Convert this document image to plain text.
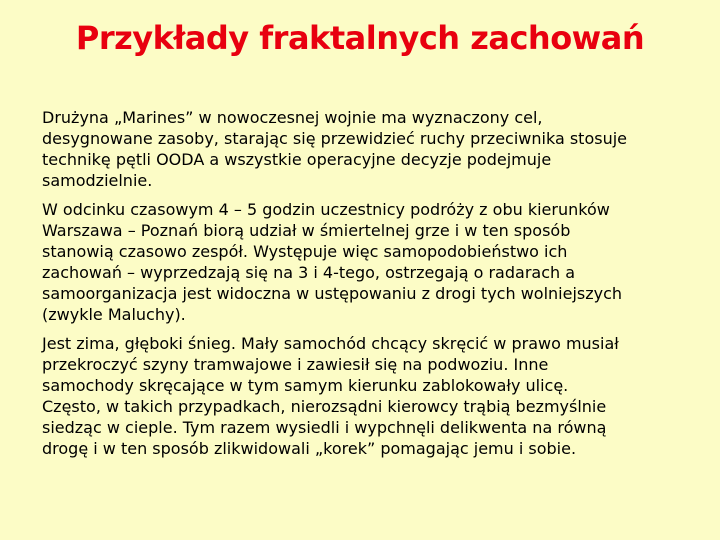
Przykłady fraktalnych zachowań

Drużyna „Marines” w nowoczesnej wojnie ma wyznaczony cel,
desygnowane zasoby, starając się przewidzieć ruchy przeciwnika stosuje
technikę pętli OODA a wszystkie operacyjne decyzje podejmuje
samodzielnie.

W odcinku czasowym 4 – 5 godzin uczestnicy podróży z obu kierunków
Warszawa – Poznań biorą udział w śmiertelnej grze i w ten sposób
stanowią czasowo zespół. Występuje więc samopodobieństwo ich
zachowań – wyprzedzają się na 3 i 4-tego, ostrzegają o radarach a
samoorganizacja jest widoczna w ustępowaniu z drogi tych wolniejszych
(zwykle Maluchy).

Jest zima, głęboki śnieg. Mały samochód chcący skręcić w prawo musiał
przekroczyć szyny tramwajowe i zawiesił się na podwoziu. Inne
samochody skręcające w tym samym kierunku zablokowały ulicę.
Często, w takich przypadkach, nierozsądni kierowcy trąbią bezmyślnie
siedząc w cieple. Tym razem wysiedli i wypchnęli delikwenta na równą
drogę i w ten sposób zlikwidowali „korek” pomagając jemu i sobie.
